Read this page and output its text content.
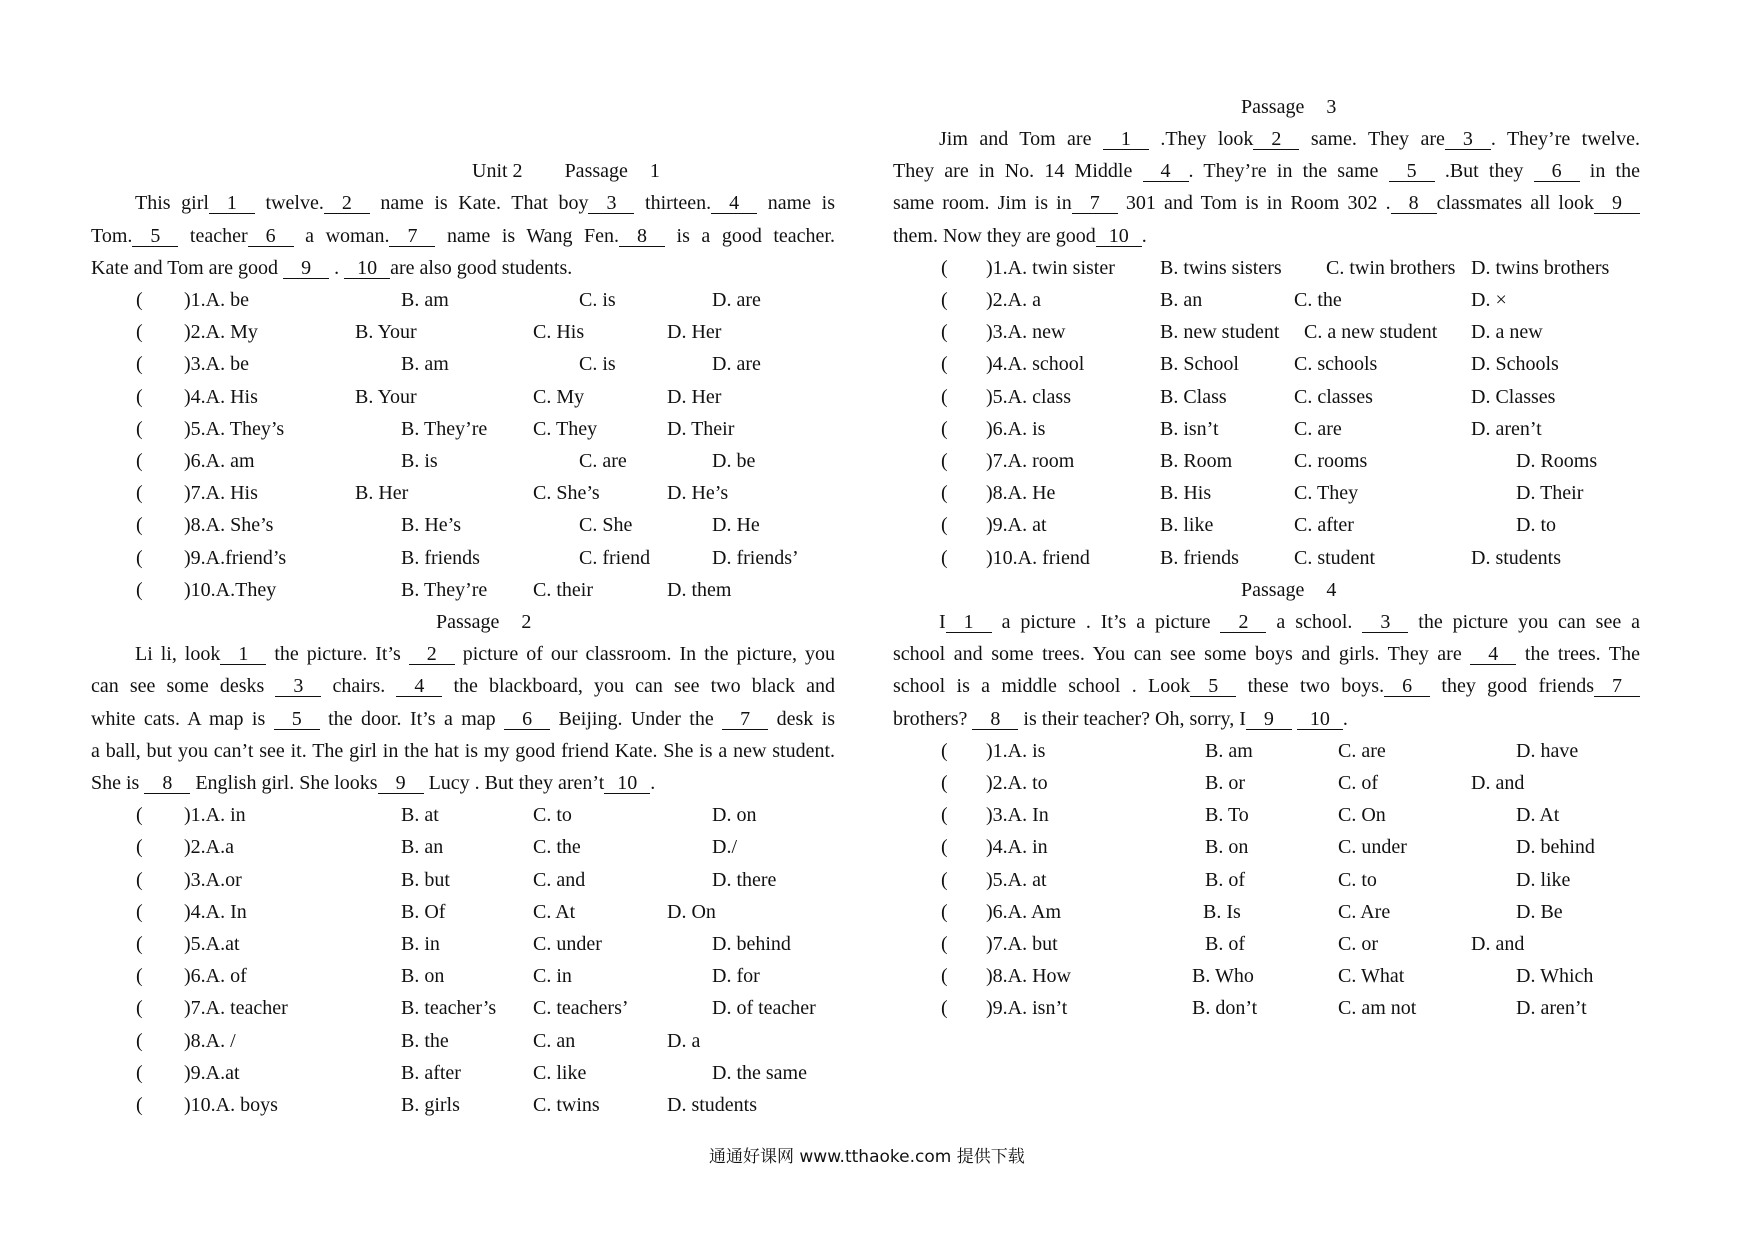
通通好课网 www.tthaoke.com 提供下载
Unit 2 Passage 1
This girl 1 twelve. 2 name is Kate. That boy 3 thirteen. 4 name is
Tom. 5 teacher 6 a woman. 7 name is Wang Fen. 8 is a good teacher.
Kate and Tom are good 9 . 10 are also good students.
( )1.A. be	B. am	C. is	D. are
( )2.A. My	B. Your	C. His	D. Her
( )3.A. be	B. am	C. is	D. are
( )4.A. His	B. Your	C. My	D. Her
( )5.A. They’s	B. They’re C. They	D. Their
( )6.A. am	B. is	C. are	D. be
( )7.A. His	B. Her	C. She’s	D. He’s
( )8.A. She’s	B. He’s	C. She	D. He
( )9.A.friend’s	B. friends	C. friend	D. friends’
( )10.A.They	B. They’re C. their	D. them
Passage 2
Li li, look 1 the picture. It’s 2 picture of our classroom. In the picture, you
can see some desks 3 chairs. 4 the blackboard, you can see two black and
white cats. A map is 5 the door. It’s a map 6 Beijing. Under the 7 desk is
a ball, but you can’t see it. The girl in the hat is my good friend Kate. She is a new student.
She is 8 English girl. She looks 9 Lucy . But they aren’t 10 .
( )1.A. in	B. at	C. to	D. on
( )2.A.a	B. an	C. the	D./
( )3.A.or	B. but	C. and	D. there
( )4.A. In	B. Of	C. At	D. On
( )5.A.at	B. in	C. under	D. behind
( )6.A. of	B. on	C. in	D. for
( )7.A. teacher	B. teacher’s C. teachers’	D. of teacher
( )8.A. /	B. the	C. an	D. a
( )9.A.at	B. after	C. like	D. the same
( )10.A. boys	B. girls	C. twins	D. students
Passage 3
Jim and Tom are 1 .They look 2 same. They are 3 . They’re twelve.
They are in No. 14 Middle 4 . They’re in the same 5 .But they 6 in the
same room. Jim is in 7 301 and Tom is in Room 302 . 8 classmates all look 9
them. Now they are good 10 .
( )1.A. twin sister B. twins sisters C. twin brothers D. twins brothers
( )2.A. a	B. an	C. the	D. ×
( )3.A. new	B. new student C. a new student D. a new
( )4.A. school	B. School	C. schools	D. Schools
( )5.A. class	B. Class	C. classes	D. Classes
( )6.A. is	B. isn’t	C. are	D. aren’t
( )7.A. room	B. Room	C. rooms	D. Rooms
( )8.A. He	B. His	C. They	D. Their
( )9.A. at	B. like	C. after	D. to
( )10.A. friend	B. friends	C. student	D. students
Passage 4
I 1 a picture . It’s a picture 2 a school. 3 the picture you can see a
school and some trees. You can see some boys and girls. They are 4 the trees. The
school is a middle school . Look 5 these two boys. 6 they good friends 7
brothers? 8 is their teacher? Oh, sorry, I 9 10 .
( )1.A. is	B. am	C. are	D. have
( )2.A. to	B. or	C. of	D. and
( )3.A. In	B. To	C. On	D. At
( )4.A. in	B. on	C. under	D. behind
( )5.A. at	B. of	C. to	D. like
( )6.A. Am	B. Is	C. Are	D. Be
( )7.A. but	B. of	C. or	D. and
( )8.A. How	B. Who	C. What	D. Which
( )9.A. isn’t	B. don’t	C. am not	D. aren’t
